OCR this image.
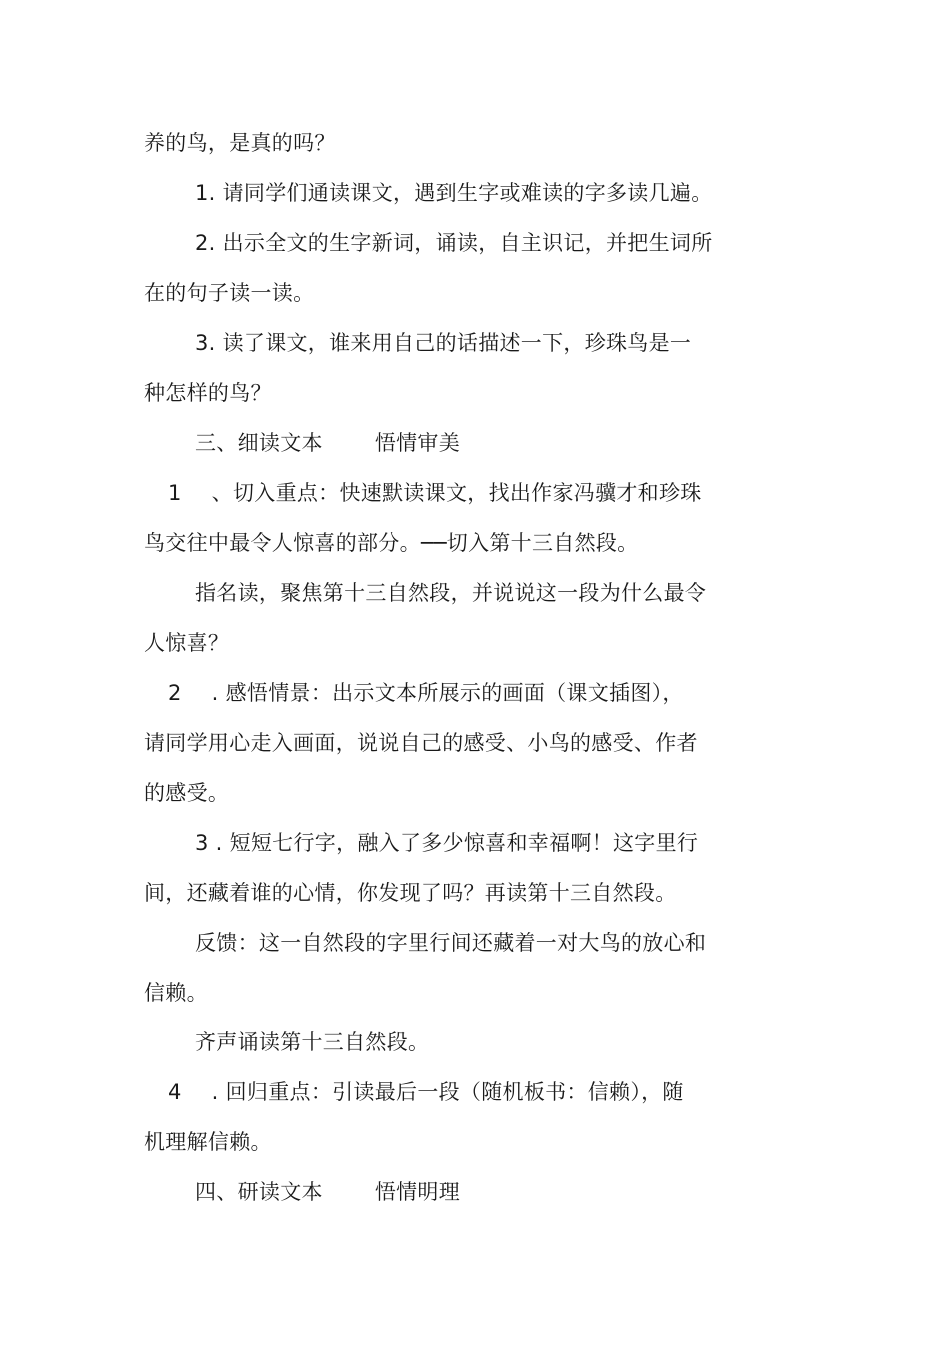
养的鸟，是真的吗？
1. 请同学们通读课文，遇到生字或难读的字多读几遍。
2. 出示全文的生字新词，诵读，自主识记，并把生词所
在的句子读一读。
3. 读了课文，谁来用自己的话描述一下，珍珠鸟是一
种怎样的鸟？
三、细读文本 悟情审美
1 、切入重点：快速默读课文，找出作家冯骥才和珍珠
鸟交往中最令人惊喜的部分。──切入第十三自然段。
指名读，聚焦第十三自然段，并说说这一段为什么最令
人惊喜？
2 . 感悟情景：出示文本所展示的画面（课文插图），
请同学用心走入画面，说说自己的感受、小鸟的感受、作者
的感受。
3 . 短短七行字，融入了多少惊喜和幸福啊！这字里行
间，还藏着谁的心情，你发现了吗？再读第十三自然段。
反馈：这一自然段的字里行间还藏着一对大鸟的放心和
信赖。
齐声诵读第十三自然段。
4 . 回归重点：引读最后一段（随机板书：信赖），随
机理解信赖。
四、研读文本 悟情明理
